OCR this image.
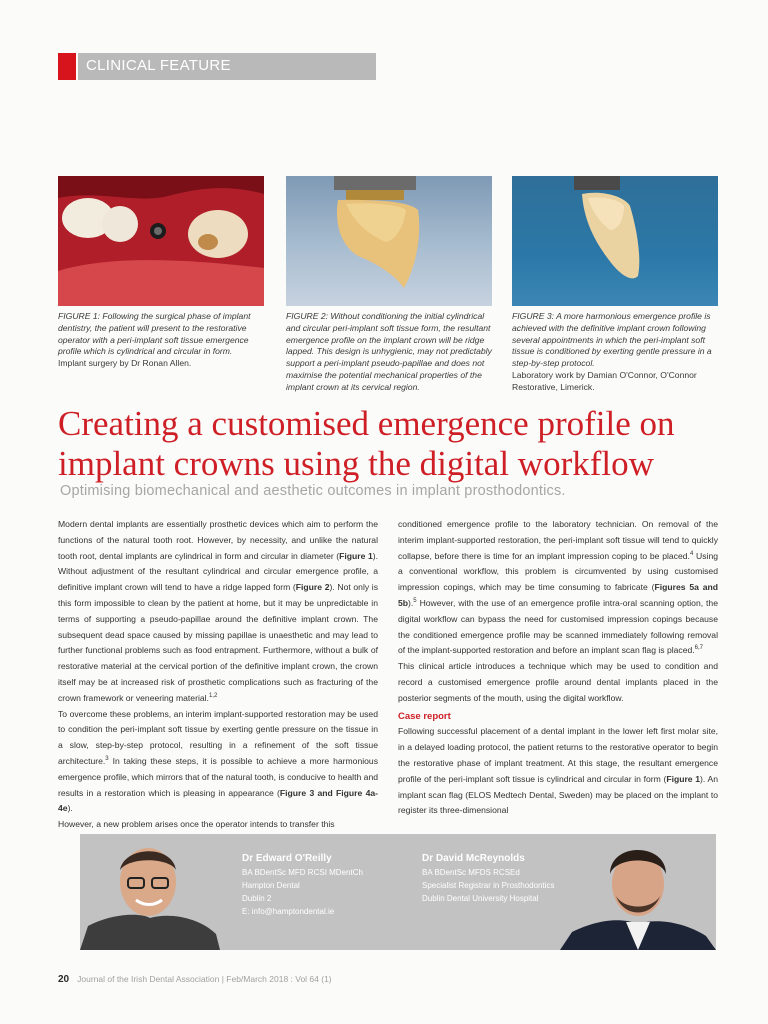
CLINICAL FEATURE
FIGURE 1: Following the surgical phase of implant dentistry, the patient will present to the restorative operator with a peri-implant soft tissue emergence profile which is cylindrical and circular in form.
Implant surgery by Dr Ronan Allen.
FIGURE 2: Without conditioning the initial cylindrical and circular peri-implant soft tissue form, the resultant emergence profile on the implant crown will be ridge lapped. This design is unhygienic, may not predictably support a peri-implant pseudo-papillae and does not maximise the potential mechanical properties of the implant crown at its cervical region.
FIGURE 3: A more harmonious emergence profile is achieved with the definitive implant crown following several appointments in which the peri-implant soft tissue is conditioned by exerting gentle pressure in a step-by-step protocol.
Laboratory work by Damian O'Connor, O'Connor Restorative, Limerick.
Creating a customised emergence profile on implant crowns using the digital workflow
Optimising biomechanical and aesthetic outcomes in implant prosthodontics.

Modern dental implants are essentially prosthetic devices which aim to perform the functions of the natural tooth root. However, by necessity, and unlike the natural tooth root, dental implants are cylindrical in form and circular in diameter (Figure 1). Without adjustment of the resultant cylindrical and circular emergence profile, a definitive implant crown will tend to have a ridge lapped form (Figure 2). Not only is this form impossible to clean by the patient at home, but it may be unpredictable in terms of supporting a pseudo-papillae around the definitive implant crown. The subsequent dead space caused by missing papillae is unaesthetic and may lead to further functional problems such as food entrapment. Furthermore, without a bulk of restorative material at the cervical portion of the definitive implant crown, the crown itself may be at increased risk of prosthetic complications such as fracturing of the crown framework or veneering material.$^{1,2}$

To overcome these problems, an interim implant-supported restoration may be used to condition the peri-implant soft tissue by exerting gentle pressure on the tissue in a slow, step-by-step protocol, resulting in a refinement of the soft tissue architecture.$^3$ In taking these steps, it is possible to achieve a more harmonious emergence profile, which mirrors that of the natural tooth, is conducive to health and results in a restoration which is pleasing in appearance (Figure 3 and Figure 4a-4e).

However, a new problem arises once the operator intends to transfer this

conditioned emergence profile to the laboratory technician. On removal of the interim implant-supported restoration, the peri-implant soft tissue will tend to quickly collapse, before there is time for an implant impression coping to be placed.$^4$ Using a conventional workflow, this problem is circumvented by using customised impression copings, which may be time consuming to fabricate (Figures 5a and 5b).$^5$ However, with the use of an emergence profile intra-oral scanning option, the digital workflow can bypass the need for customised impression copings because the conditioned emergence profile may be scanned immediately following removal of the implant-supported restoration and before an implant scan flag is placed.$^{6,7}$

This clinical article introduces a technique which may be used to condition and record a customised emergence profile around dental implants placed in the posterior segments of the mouth, using the digital workflow.

Case report

Following successful placement of a dental implant in the lower left first molar site, in a delayed loading protocol, the patient returns to the restorative operator to begin the restorative phase of implant treatment. At this stage, the resultant emergence profile of the peri-implant soft tissue is cylindrical and circular in form (Figure 1). An implant scan flag (ELOS Medtech Dental, Sweden) may be placed on the implant to register its three-dimensional

Dr Edward O'Reilly
BA BDentSc MFD RCSI MDentCh
Hampton Dental
Dublin 2
E: info@hamptondental.ie
Dr David McReynolds
BA BDentSc MFDS RCSEd
Specialist Registrar in Prosthodontics
Dublin Dental University Hospital
20 Journal of the Irish Dental Association | Feb/March 2018 : Vol 64 (1)
